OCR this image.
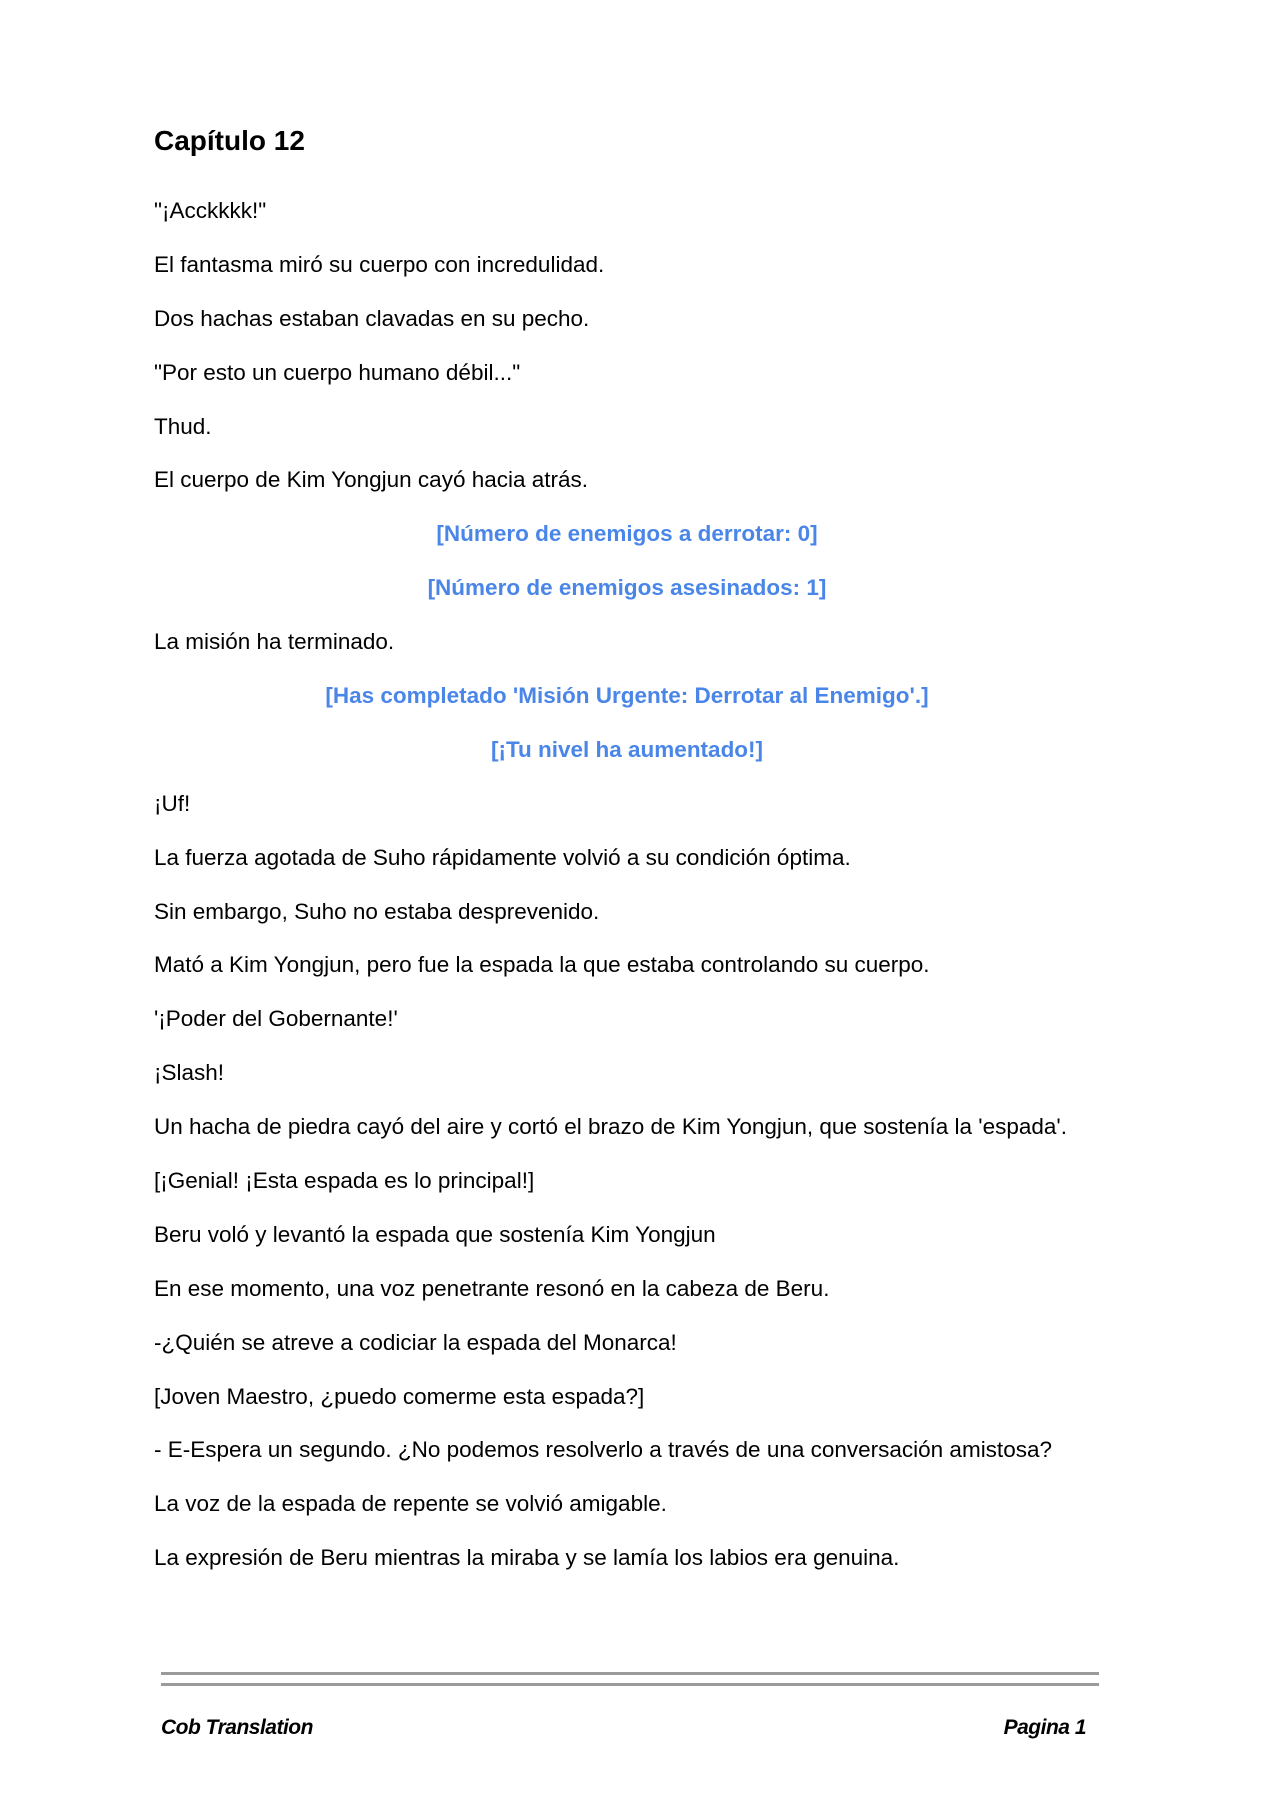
Capítulo 12

"¡Acckkkk!"

El fantasma miró su cuerpo con incredulidad.

Dos hachas estaban clavadas en su pecho.

"Por esto un cuerpo humano débil..."

Thud.

El cuerpo de Kim Yongjun cayó hacia atrás.

[Número de enemigos a derrotar: 0]

[Número de enemigos asesinados: 1]

La misión ha terminado.

[Has completado 'Misión Urgente: Derrotar al Enemigo'.]

[¡Tu nivel ha aumentado!]

¡Uf!

La fuerza agotada de Suho rápidamente volvió a su condición óptima.

Sin embargo, Suho no estaba desprevenido.

Mató a Kim Yongjun, pero fue la espada la que estaba controlando su cuerpo.

'¡Poder del Gobernante!'

¡Slash!

Un hacha de piedra cayó del aire y cortó el brazo de Kim Yongjun, que sostenía la 'espada'.

[¡Genial! ¡Esta espada es lo principal!]

Beru voló y levantó la espada que sostenía Kim Yongjun

En ese momento, una voz penetrante resonó en la cabeza de Beru.

-¿Quién se atreve a codiciar la espada del Monarca!

[Joven Maestro, ¿puedo comerme esta espada?]

- E-Espera un segundo. ¿No podemos resolverlo a través de una conversación amistosa?

La voz de la espada de repente se volvió amigable.

La expresión de Beru mientras la miraba y se lamía los labios era genuina.

Cob Translation	Pagina 1
